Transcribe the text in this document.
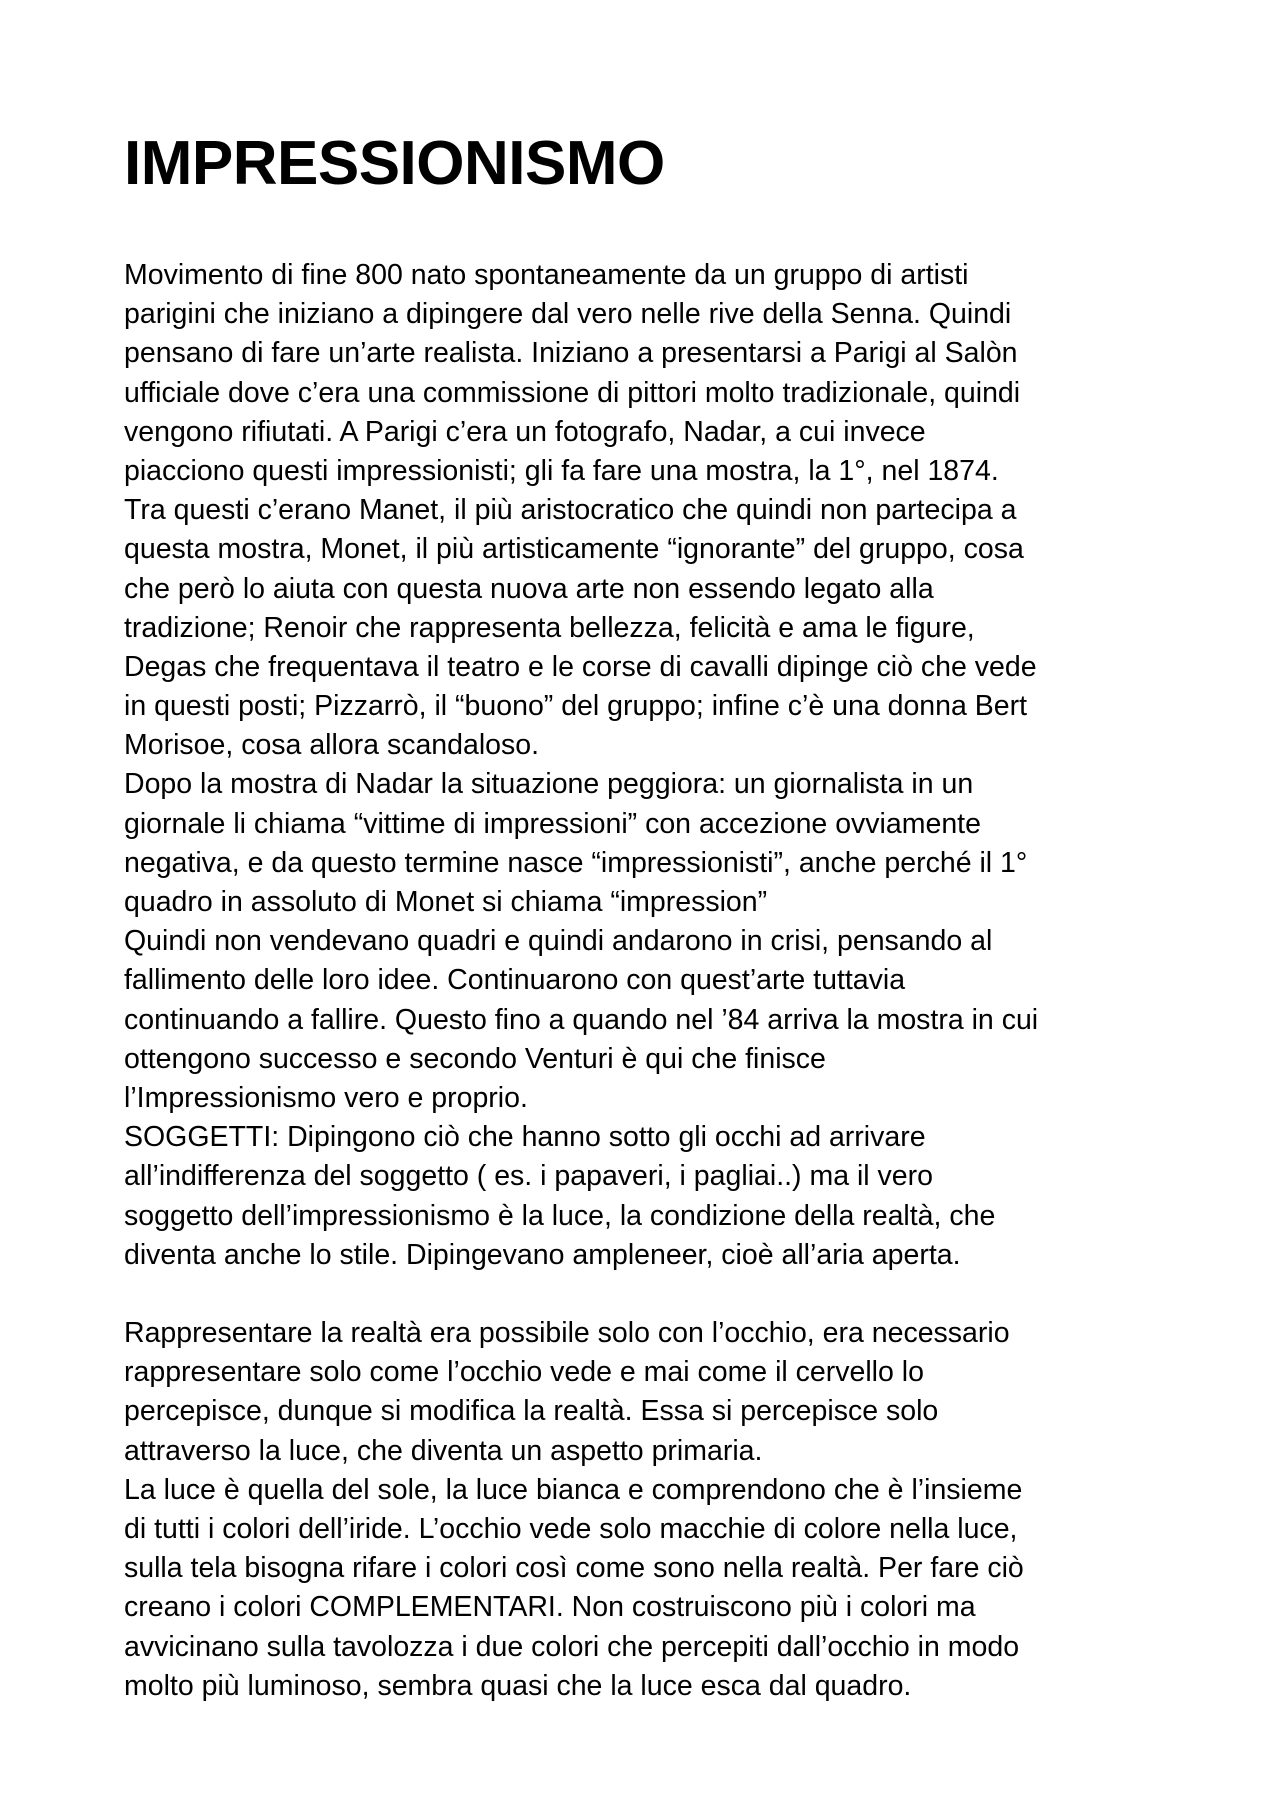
IMPRESSIONISMO
Movimento di fine 800 nato spontaneamente da un gruppo di artisti
parigini che iniziano a dipingere dal vero nelle rive della Senna. Quindi
pensano di fare un’arte realista. Iniziano a presentarsi a Parigi al Salòn
ufficiale dove c’era una commissione di pittori molto tradizionale, quindi
vengono rifiutati. A Parigi c’era un fotografo, Nadar, a cui invece
piacciono questi impressionisti; gli fa fare una mostra, la 1°, nel 1874.
Tra questi c’erano Manet, il più aristocratico che quindi non partecipa a
questa mostra, Monet, il più artisticamente “ignorante” del gruppo, cosa
che però lo aiuta con questa nuova arte non essendo legato alla
tradizione; Renoir che rappresenta bellezza, felicità e ama le figure,
Degas che frequentava il teatro e le corse di cavalli dipinge ciò che vede
in questi posti; Pizzarrò, il “buono” del gruppo; infine c’è una donna Bert
Morisoe, cosa allora scandaloso.
Dopo la mostra di Nadar la situazione peggiora: un giornalista in un
giornale li chiama “vittime di impressioni” con accezione ovviamente
negativa, e da questo termine nasce “impressionisti”, anche perché il 1°
quadro in assoluto di Monet si chiama “impression”
Quindi non vendevano quadri e quindi andarono in crisi, pensando al
fallimento delle loro idee. Continuarono con quest’arte tuttavia
continuando a fallire. Questo fino a quando nel ’84 arriva la mostra in cui
ottengono successo e secondo Venturi è qui che finisce
l’Impressionismo vero e proprio.
SOGGETTI: Dipingono ciò che hanno sotto gli occhi ad arrivare
all’indifferenza del soggetto ( es. i papaveri, i pagliai..) ma il vero
soggetto dell’impressionismo è la luce, la condizione della realtà, che
diventa anche lo stile. Dipingevano ampleneer, cioè all’aria aperta.
Rappresentare la realtà era possibile solo con l’occhio, era necessario
rappresentare solo come l’occhio vede e mai come il cervello lo
percepisce, dunque si modifica la realtà. Essa si percepisce solo
attraverso la luce, che diventa un aspetto primaria.
La luce è quella del sole, la luce bianca e comprendono che è l’insieme
di tutti i colori dell’iride. L’occhio vede solo macchie di colore nella luce,
sulla tela bisogna rifare i colori così come sono nella realtà. Per fare ciò
creano i colori COMPLEMENTARI. Non costruiscono più i colori ma
avvicinano sulla tavolozza i due colori che percepiti dall’occhio in modo
molto più luminoso, sembra quasi che la luce esca dal quadro.
